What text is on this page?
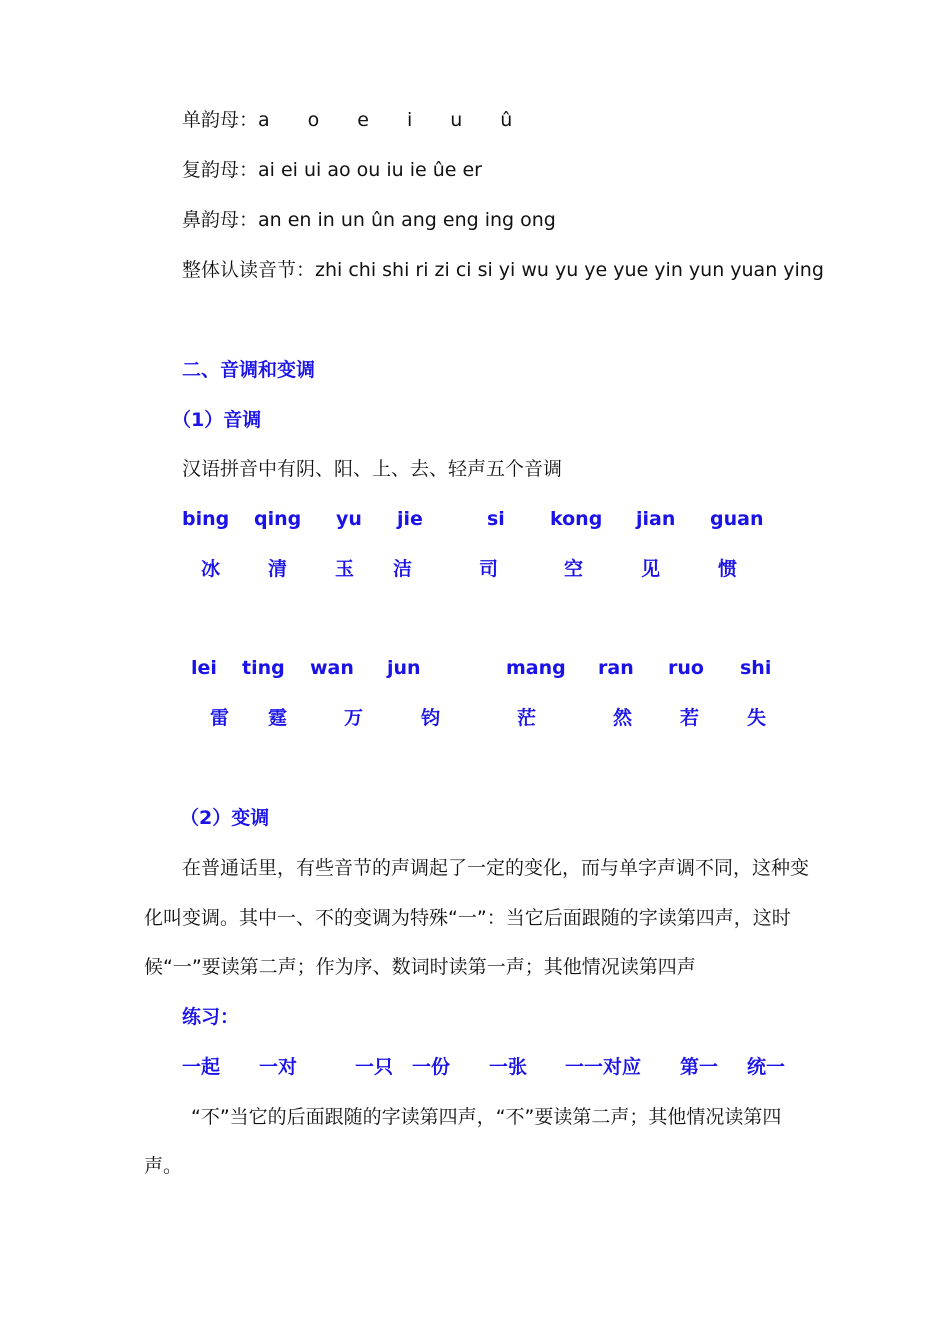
单韵母：a　　o　　e　　i　　u　　û
复韵母：ai ei ui ao ou iu ie ûe er
鼻韵母：an en in un ûn ang eng ing ong
整体认读音节：zhi chi shi ri zi ci si yi wu yu ye yue yin yun yuan ying
二、音调和变调
（1）音调
汉语拼音中有阴、阳、上、去、轻声五个音调
bing qing yu jie	si kong jian guan
冰	清	玉 洁	司	空	见	惯
lei ting wan jun	mang ran ruo shi
雷 霆	万	钧	茫	然	若	失
（2）变调
　　在普通话里，有些音节的声调起了一定的变化，而与单字声调不同，这种变
化叫变调。其中一、不的变调为特殊“一”：当它后面跟随的字读第四声，这时
候“一”要读第二声；作为序、数词时读第一声；其他情况读第四声
练习：
一起 一对	一只 一份 一张 一一对应 第一 统一
　“不”当它的后面跟随的字读第四声，“不”要读第二声；其他情况读第四
声。
